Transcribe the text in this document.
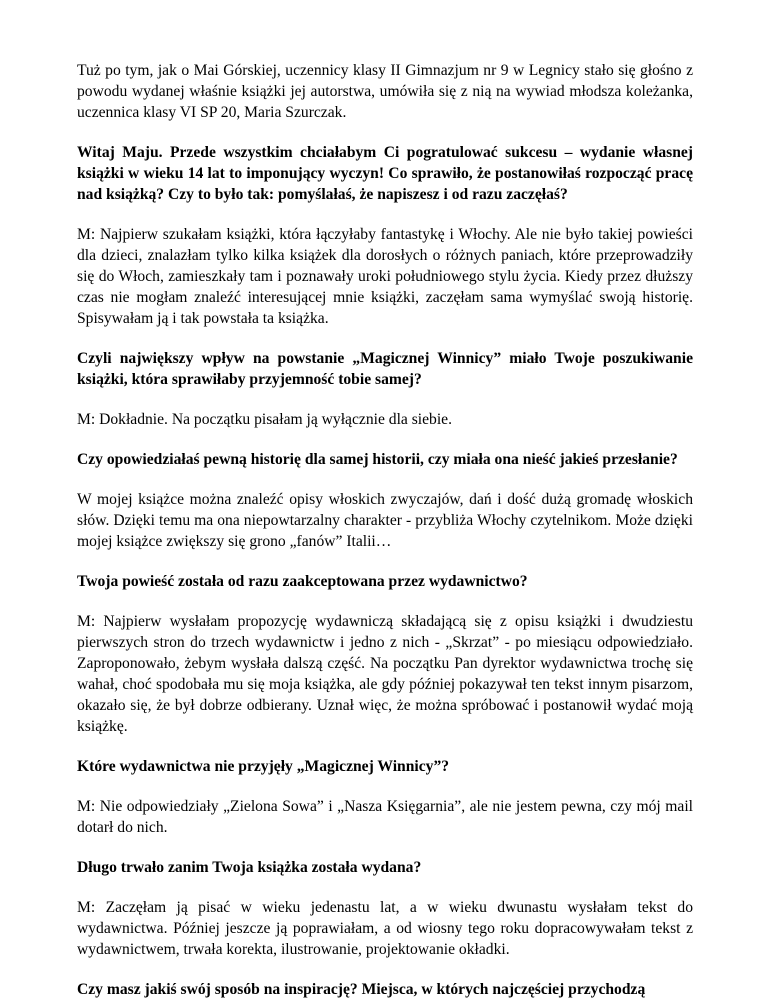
Tuż po tym, jak o Mai Górskiej, uczennicy klasy II Gimnazjum nr 9 w Legnicy stało się głośno z powodu wydanej właśnie książki jej autorstwa, umówiła się z nią na wywiad młodsza koleżanka, uczennica klasy VI SP 20, Maria Szurczak.

Witaj Maju. Przede wszystkim chciałabym Ci pogratulować sukcesu – wydanie własnej książki w wieku 14 lat to imponujący wyczyn! Co sprawiło, że postanowiłaś rozpocząć pracę nad książką? Czy to było tak: pomyślałaś, że napiszesz i od razu zaczęłaś?

M: Najpierw szukałam książki, która łączyłaby fantastykę i Włochy. Ale nie było takiej powieści dla dzieci, znalazłam tylko kilka książek dla dorosłych o różnych paniach, które przeprowadziły się do Włoch, zamieszkały tam i poznawały uroki południowego stylu życia. Kiedy przez dłuższy czas nie mogłam znaleźć interesującej mnie książki, zaczęłam sama wymyślać swoją historię. Spisywałam ją i tak powstała ta książka.

Czyli największy wpływ na powstanie „Magicznej Winnicy” miało Twoje poszukiwanie książki, która sprawiłaby przyjemność tobie samej?

M: Dokładnie. Na początku pisałam ją wyłącznie dla siebie.

Czy opowiedziałaś pewną historię dla samej historii, czy miała ona nieść jakieś przesłanie?

W mojej książce można znaleźć opisy włoskich zwyczajów, dań i dość dużą gromadę włoskich słów. Dzięki temu ma ona niepowtarzalny charakter - przybliża Włochy czytelnikom. Może dzięki mojej książce zwiększy się grono „fanów” Italii…

Twoja powieść została od razu zaakceptowana przez wydawnictwo?

M: Najpierw wysłałam propozycję wydawniczą składającą się z opisu książki i dwudziestu pierwszych stron do trzech wydawnictw i jedno z nich - „Skrzat” - po miesiącu odpowiedziało. Zaproponowało, żebym wysłała dalszą część. Na początku Pan dyrektor wydawnictwa trochę się wahał, choć spodobała mu się moja książka, ale gdy później pokazywał ten tekst innym pisarzom, okazało się, że był dobrze odbierany. Uznał więc, że można spróbować i postanowił wydać moją książkę.

Które wydawnictwa nie przyjęły „Magicznej Winnicy”?

M: Nie odpowiedziały „Zielona Sowa” i „Nasza Księgarnia”, ale nie jestem pewna, czy mój mail dotarł do nich.

Długo trwało zanim Twoja książka została wydana?

M: Zaczęłam ją pisać w wieku jedenastu lat, a w wieku dwunastu wysłałam tekst do wydawnictwa. Później jeszcze ją poprawiałam, a od wiosny tego roku dopracowywałam tekst z wydawnictwem, trwała korekta, ilustrowanie, projektowanie okładki.

Czy masz jakiś swój sposób na inspirację? Miejsca, w których najczęściej przychodzą
